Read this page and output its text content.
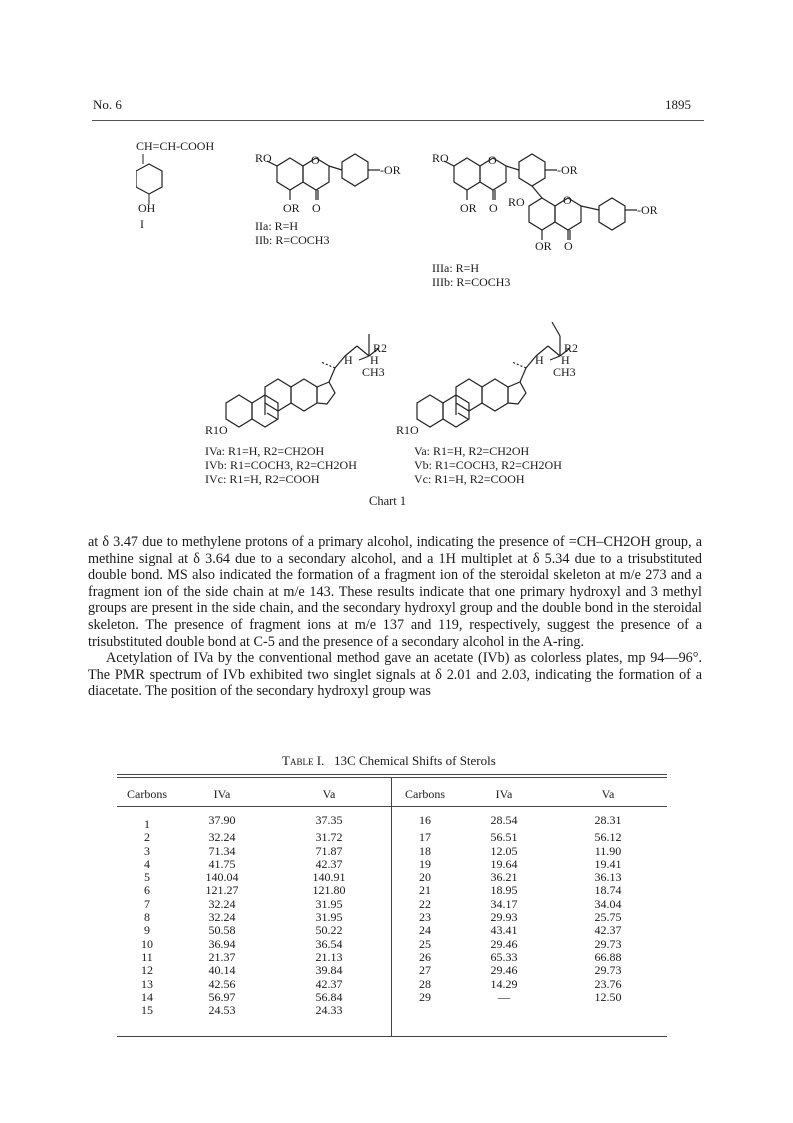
No. 6	1895
CH=CH-COOH
OH
I
RO	O
-OR
OR O
IIa: R=H
IIb: R=COCH3
RO	O
-OR
OR O RO	O
-OR
OR O
IIIa: R=H
IIIb: R=COCH3
R2
H H
CH3
R1O
IVa: R1=H, R2=CH2OH
IVb: R1=COCH3, R2=CH2OH
IVc: R1=H, R2=COOH
R2
H H
CH3
R1O
Va: R1=H, R2=CH2OH
Vb: R1=COCH3, R2=CH2OH
Vc: R1=H, R2=COOH
Chart 1

at δ 3.47 due to methylene protons of a primary alcohol, indicating the presence of =CH–CH2OH group, a methine signal at δ 3.64 due to a secondary alcohol, and a 1H multiplet at δ 5.34 due to a trisubstituted double bond. MS also indicated the formation of a fragment ion of the steroidal skeleton at m/e 273 and a fragment ion of the side chain at m/e 143. These results indicate that one primary hydroxyl and 3 methyl groups are present in the side chain, and the secondary hydroxyl group and the double bond in the steroidal skeleton. The presence of fragment ions at m/e 137 and 119, respectively, suggest the presence of a trisubstituted double bond at C-5 and the presence of a secondary alcohol in the A-ring.

Acetylation of IVa by the conventional method gave an acetate (IVb) as colorless plates, mp 94—96°. The PMR spectrum of IVb exhibited two singlet signals at δ 2.01 and 2.03, indicating the formation of a diacetate. The position of the secondary hydroxyl group was

Table I. 13C Chemical Shifts of Sterols
Carbons	IVa	Va	Carbons	IVa	Va
1	37.90	37.35	16	28.54	28.31
2	32.24	31.72	17	56.51	56.12
3	71.34	71.87	18	12.05	11.90
4	41.75	42.37	19	19.64	19.41
5	140.04	140.91	20	36.21	36.13
6	121.27	121.80	21	18.95	18.74
7	32.24	31.95	22	34.17	34.04
8	32.24	31.95	23	29.93	25.75
9	50.58	50.22	24	43.41	42.37
10	36.94	36.54	25	29.46	29.73
11	21.37	21.13	26	65.33	66.88
12	40.14	39.84	27	29.46	29.73
13	42.56	42.37	28	14.29	23.76
14	56.97	56.84	29	—	12.50
15	24.53	24.33			
